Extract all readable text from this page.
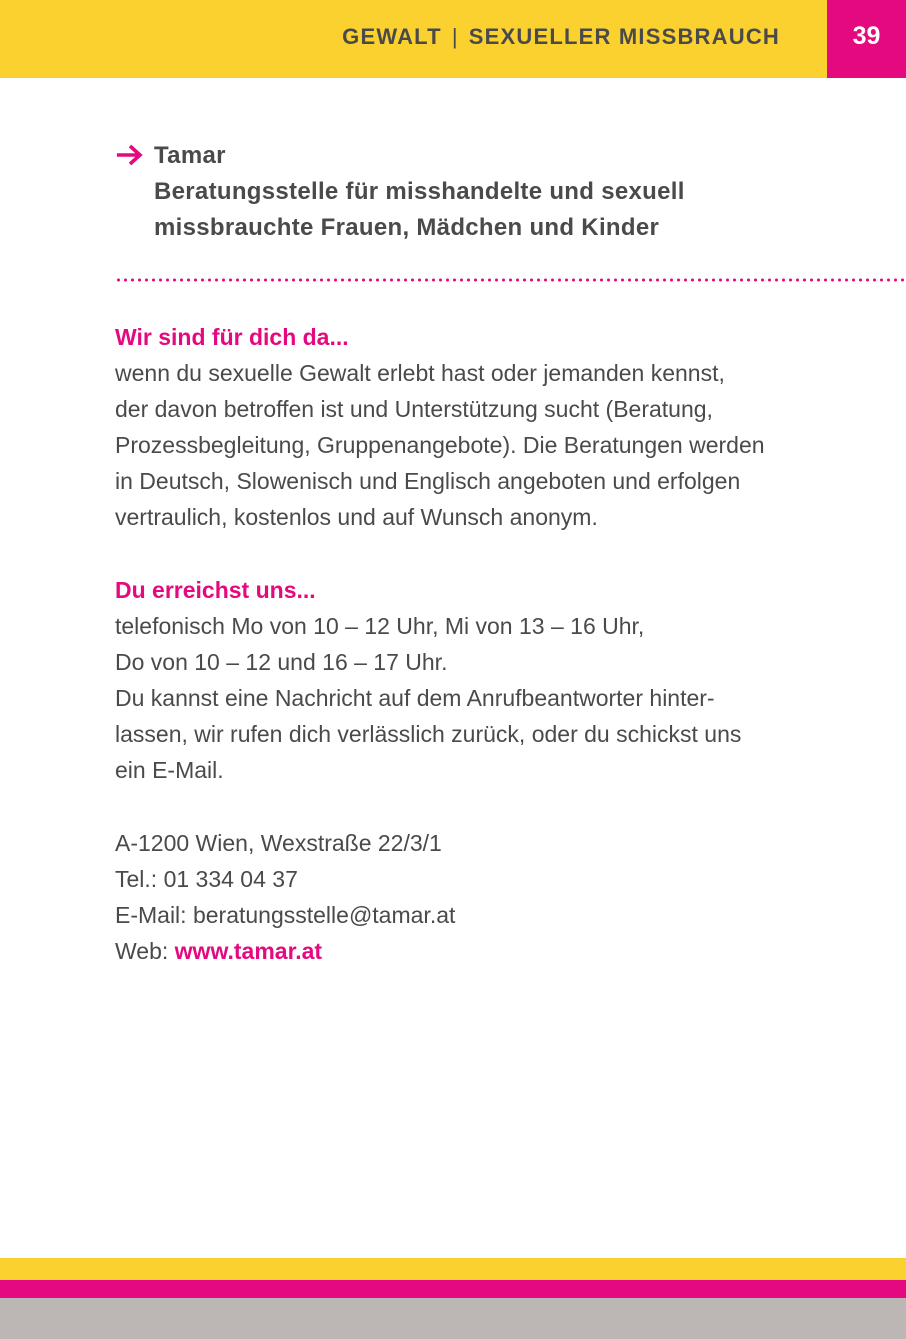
GEWALT | SEXUELLER MISSBRAUCH	39
Tamar
Beratungsstelle für misshandelte und sexuell
missbrauchte Frauen, Mädchen und Kinder
Wir sind für dich da...
wenn du sexuelle Gewalt erlebt hast oder jemanden kennst,
der davon betroffen ist und Unterstützung sucht (Beratung,
Prozessbegleitung, Gruppenangebote). Die Beratungen werden
in Deutsch, Slowenisch und Englisch angeboten und erfolgen
vertraulich, kostenlos und auf Wunsch anonym.
Du erreichst uns...
telefonisch Mo von 10 – 12 Uhr, Mi von 13 – 16 Uhr,
Do von 10 – 12 und 16 – 17 Uhr.
Du kannst eine Nachricht auf dem Anrufbeantworter hinter-
lassen, wir rufen dich verlässlich zurück, oder du schickst uns
ein E-Mail.
A-1200 Wien, Wexstraße 22/3/1
Tel.: 01 334 04 37
E-Mail: beratungsstelle@tamar.at
Web: www.tamar.at
